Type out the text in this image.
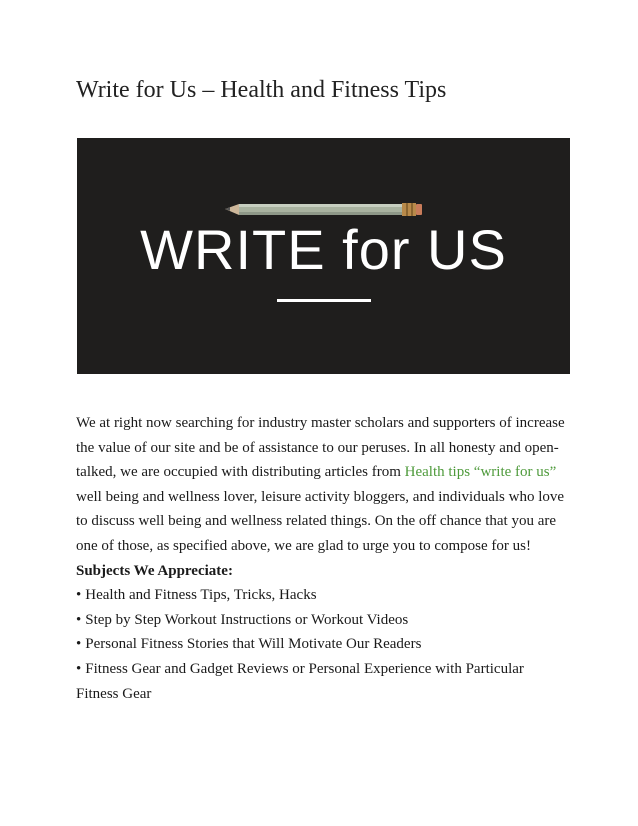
Write for Us – Health and Fitness Tips
WRITE for US

We at right now searching for industry master scholars and supporters of increase the value of our site and be of assistance to our peruses. In all honesty and open-talked, we are occupied with distributing articles from Health tips “write for us” well being and wellness lover, leisure activity bloggers, and individuals who love to discuss well being and wellness related things. On the off chance that you are one of those, as specified above, we are glad to urge you to compose for us!

Subjects We Appreciate:

• Health and Fitness Tips, Tricks, Hacks
• Step by Step Workout Instructions or Workout Videos
• Personal Fitness Stories that Will Motivate Our Readers
• Fitness Gear and Gadget Reviews or Personal Experience with Particular Fitness Gear
